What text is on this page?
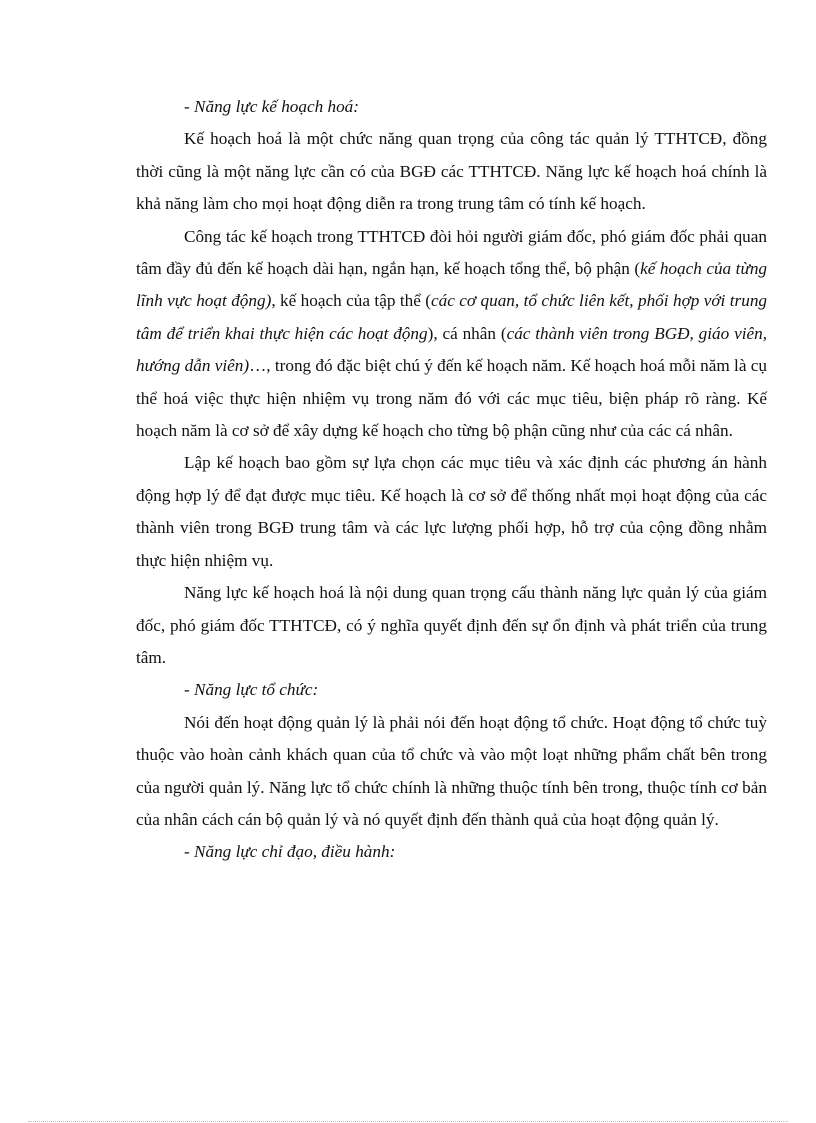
- Năng lực kế hoạch hoá:

Kế hoạch hoá là một chức năng quan trọng của công tác quản lý TTHTCĐ, đồng thời cũng là một năng lực cần có của BGĐ các TTHTCĐ. Năng lực kế hoạch hoá chính là khả năng làm cho mọi hoạt động diễn ra trong trung tâm có tính kế hoạch.

Công tác kế hoạch trong TTHTCĐ đòi hỏi người giám đốc, phó giám đốc phải quan tâm đầy đủ đến kế hoạch dài hạn, ngắn hạn, kế hoạch tổng thể, bộ phận (kế hoạch của từng lĩnh vực hoạt động), kế hoạch của tập thể (các cơ quan, tổ chức liên kết, phối hợp với trung tâm để triển khai thực hiện các hoạt động), cá nhân (các thành viên trong BGĐ, giáo viên, hướng dẫn viên)…, trong đó đặc biệt chú ý đến kế hoạch năm. Kế hoạch hoá mỗi năm là cụ thể hoá việc thực hiện nhiệm vụ trong năm đó với các mục tiêu, biện pháp rõ ràng. Kế hoạch năm là cơ sở để xây dựng kế hoạch cho từng bộ phận cũng như của các cá nhân.

Lập kế hoạch bao gồm sự lựa chọn các mục tiêu và xác định các phương án hành động hợp lý để đạt được mục tiêu. Kế hoạch là cơ sở để thống nhất mọi hoạt động của các thành viên trong BGĐ trung tâm và các lực lượng phối hợp, hỗ trợ của cộng đồng nhằm thực hiện nhiệm vụ.

Năng lực kế hoạch hoá là nội dung quan trọng cấu thành năng lực quản lý của giám đốc, phó giám đốc TTHTCĐ, có ý nghĩa quyết định đến sự ổn định và phát triển của trung tâm.

- Năng lực tổ chức:

Nói đến hoạt động quản lý là phải nói đến hoạt động tổ chức. Hoạt động tổ chức tuỳ thuộc vào hoàn cảnh khách quan của tổ chức và vào một loạt những phẩm chất bên trong của người quản lý. Năng lực tổ chức chính là những thuộc tính bên trong, thuộc tính cơ bản của nhân cách cán bộ quản lý và nó quyết định đến thành quả của hoạt động quản lý.

- Năng lực chỉ đạo, điều hành:
